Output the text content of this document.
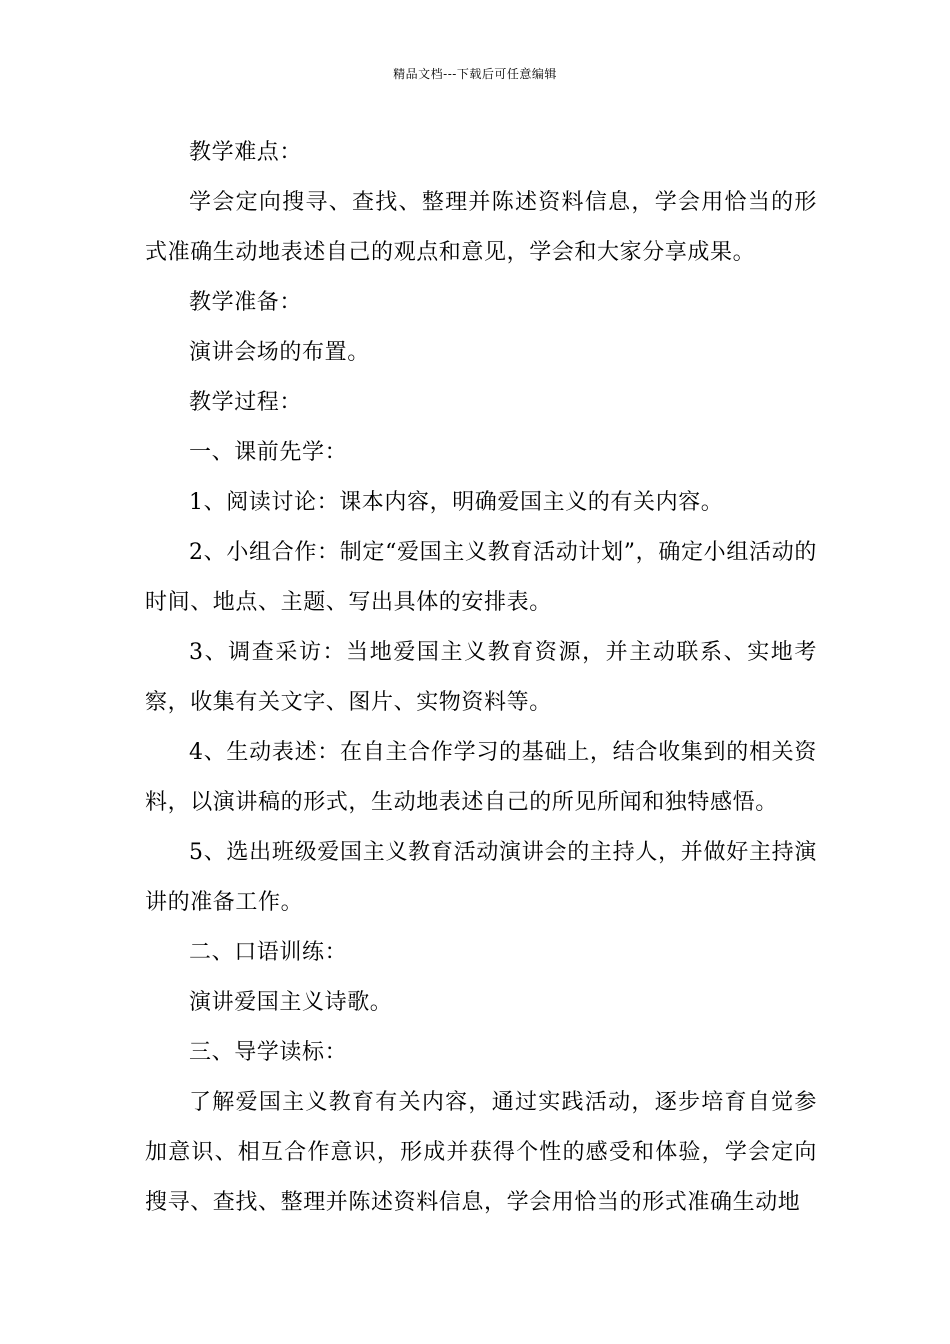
精品文档---下载后可任意编辑

教学难点：

学会定向搜寻、查找、整理并陈述资料信息，学会用恰当的形式准确生动地表述自己的观点和意见，学会和大家分享成果。

教学准备：

演讲会场的布置。

教学过程：

一、课前先学：

1、阅读讨论：课本内容，明确爱国主义的有关内容。

2、小组合作：制定“爱国主义教育活动计划”，确定小组活动的时间、地点、主题、写出具体的安排表。

3、调查采访：当地爱国主义教育资源，并主动联系、实地考察，收集有关文字、图片、实物资料等。

4、生动表述：在自主合作学习的基础上，结合收集到的相关资料，以演讲稿的形式，生动地表述自己的所见所闻和独特感悟。

5、选出班级爱国主义教育活动演讲会的主持人，并做好主持演讲的准备工作。

二、口语训练：

演讲爱国主义诗歌。

三、导学读标：

了解爱国主义教育有关内容，通过实践活动，逐步培育自觉参加意识、相互合作意识，形成并获得个性的感受和体验，学会定向搜寻、查找、整理并陈述资料信息，学会用恰当的形式准确生动地
